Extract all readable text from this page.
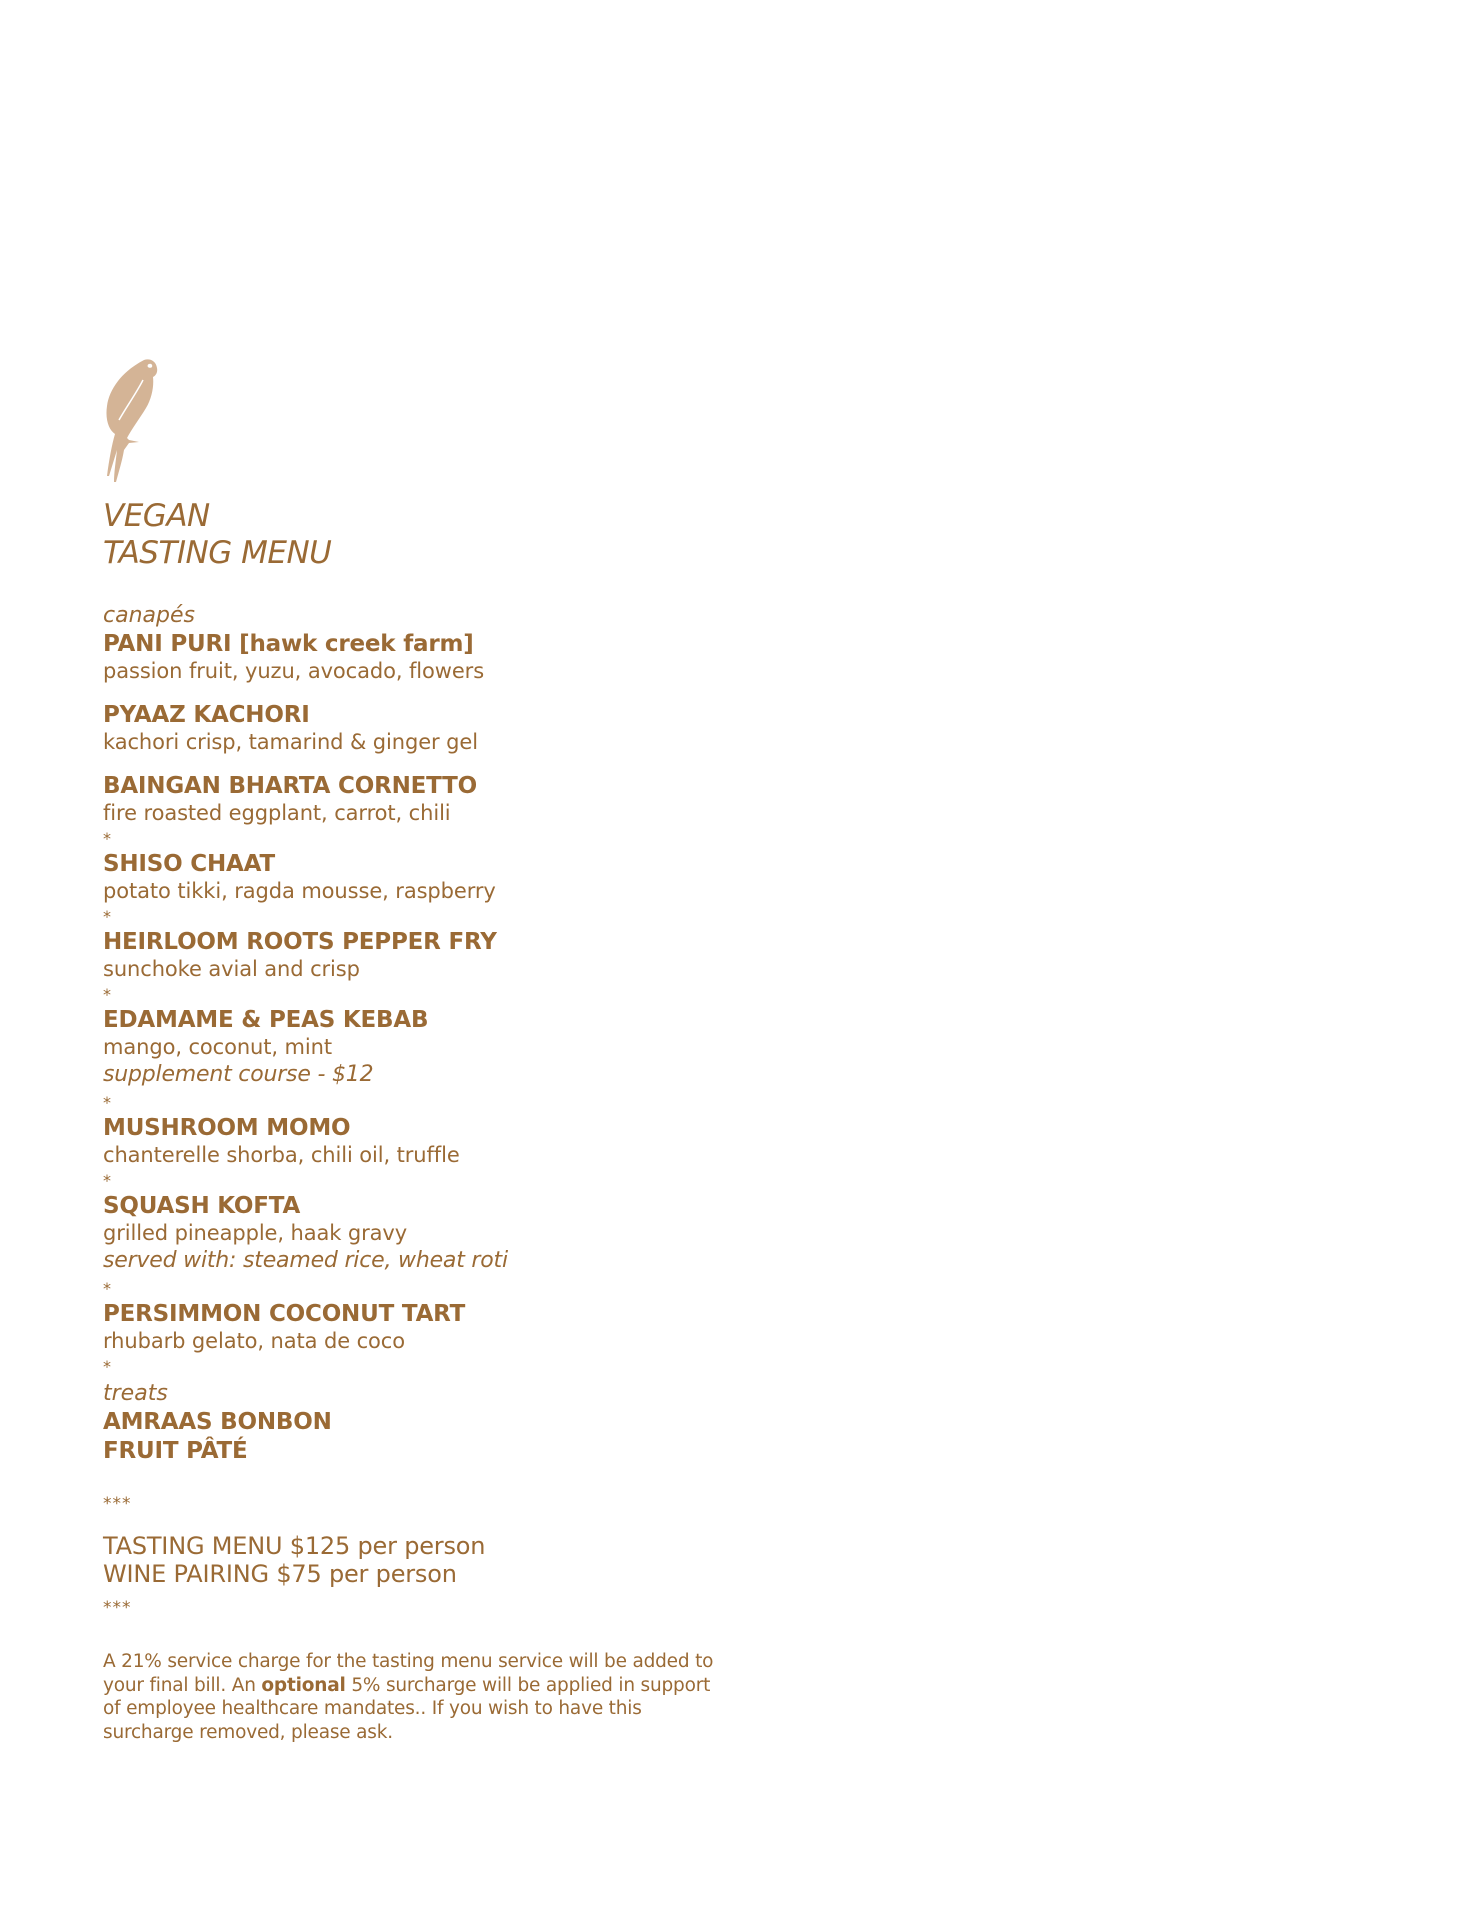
VEGAN
TASTING MENU
canapés
PANI PURI [hawk creek farm]
passion fruit, yuzu, avocado, flowers
PYAAZ KACHORI
kachori crisp, tamarind & ginger gel
BAINGAN BHARTA CORNETTO
fire roasted eggplant, carrot, chili
*
SHISO CHAAT
potato tikki, ragda mousse, raspberry
*
HEIRLOOM ROOTS PEPPER FRY
sunchoke avial and crisp
*
EDAMAME & PEAS KEBAB
mango, coconut, mint
supplement course - $12
*
MUSHROOM MOMO
chanterelle shorba, chili oil, truffle
*
SQUASH KOFTA
grilled pineapple, haak gravy
served with: steamed rice, wheat roti
*
PERSIMMON COCONUT TART
rhubarb gelato, nata de coco
*
treats
AMRAAS BONBON
FRUIT PÂTÉ
***
TASTING MENU $125 per person
WINE PAIRING $75 per person
***
A 21% service charge for the tasting menu service will be added to your final bill. An optional 5% surcharge will be applied in support of employee healthcare mandates.. If you wish to have this surcharge removed, please ask.
